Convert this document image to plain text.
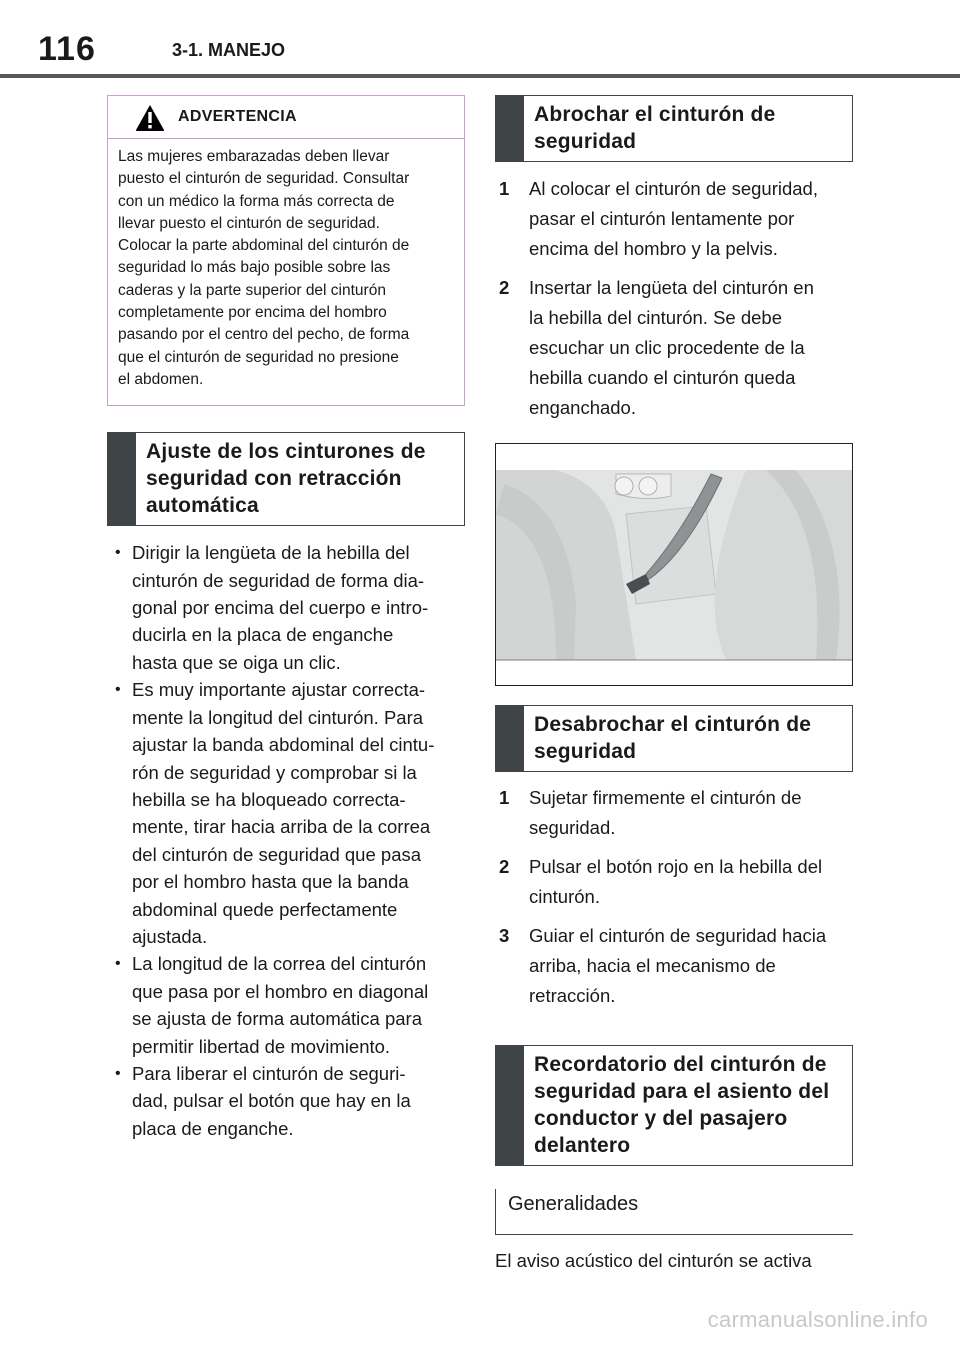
116	3-1. MANEJO
ADVERTENCIA
Las mujeres embarazadas deben llevar
puesto el cinturón de seguridad. Consultar
con un médico la forma más correcta de
llevar puesto el cinturón de seguridad.
Colocar la parte abdominal del cinturón de
seguridad lo más bajo posible sobre las
caderas y la parte superior del cinturón
completamente por encima del hombro
pasando por el centro del pecho, de forma
que el cinturón de seguridad no presione
el abdomen.
Ajuste de los cinturones de
seguridad con retracción
automática
• Dirigir la lengüeta de la hebilla del
cinturón de seguridad de forma dia-
gonal por encima del cuerpo e intro-
ducirla en la placa de enganche
hasta que se oiga un clic.
• Es muy importante ajustar correcta-
mente la longitud del cinturón. Para
ajustar la banda abdominal del cintu-
rón de seguridad y comprobar si la
hebilla se ha bloqueado correcta-
mente, tirar hacia arriba de la correa
del cinturón de seguridad que pasa
por el hombro hasta que la banda
abdominal quede perfectamente
ajustada.
• La longitud de la correa del cinturón
que pasa por el hombro en diagonal
se ajusta de forma automática para
permitir libertad de movimiento.
• Para liberar el cinturón de seguri-
dad, pulsar el botón que hay en la
placa de enganche.
Abrochar el cinturón de
seguridad
1	Al colocar el cinturón de seguridad,
pasar el cinturón lentamente por
encima del hombro y la pelvis.
2	Insertar la lengüeta del cinturón en
la hebilla del cinturón. Se debe
escuchar un clic procedente de la
hebilla cuando el cinturón queda
enganchado.
Desabrochar el cinturón de
seguridad
1	Sujetar firmemente el cinturón de
seguridad.
2	Pulsar el botón rojo en la hebilla del
cinturón.
3	Guiar el cinturón de seguridad hacia
arriba, hacia el mecanismo de
retracción.
Recordatorio del cinturón de
seguridad para el asiento del
conductor y del pasajero
delantero
Generalidades
El aviso acústico del cinturón se activa
carmanualsonline.info
